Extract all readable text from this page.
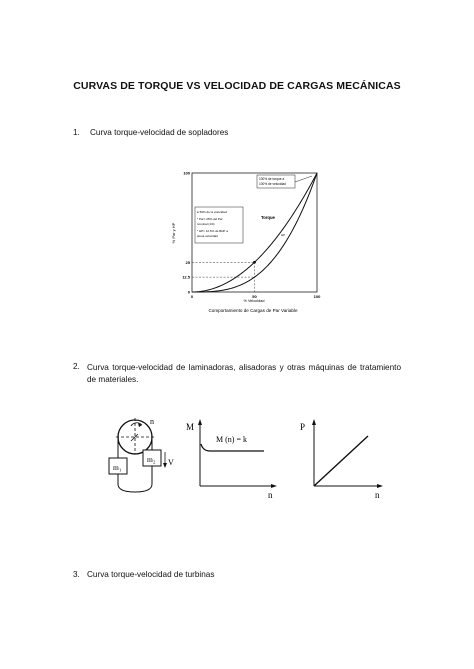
CURVAS DE TORQUE VS VELOCIDAD DE CARGAS MECÁNICAS
1. Curva torque-velocidad de sopladores
% Par y HP
100
25
12.5
0
50	100
0
% Velocidad
100% de torque a
100% de velocidad
● 50% de la velocidad:
* Par= 25% del Par
nominal (1/4)
* HP= 12.5% de BHP a
plena velocidad
Torque
HP
Comportamiento de Cargas de Par Variable
2. Curva torque-velocidad de laminadoras, alisadoras y otras máquinas de tratamiento de materiales.
n
m₁
m₂ V
M
n
M (n) = k
P
n
3. Curva torque-velocidad de turbinas
